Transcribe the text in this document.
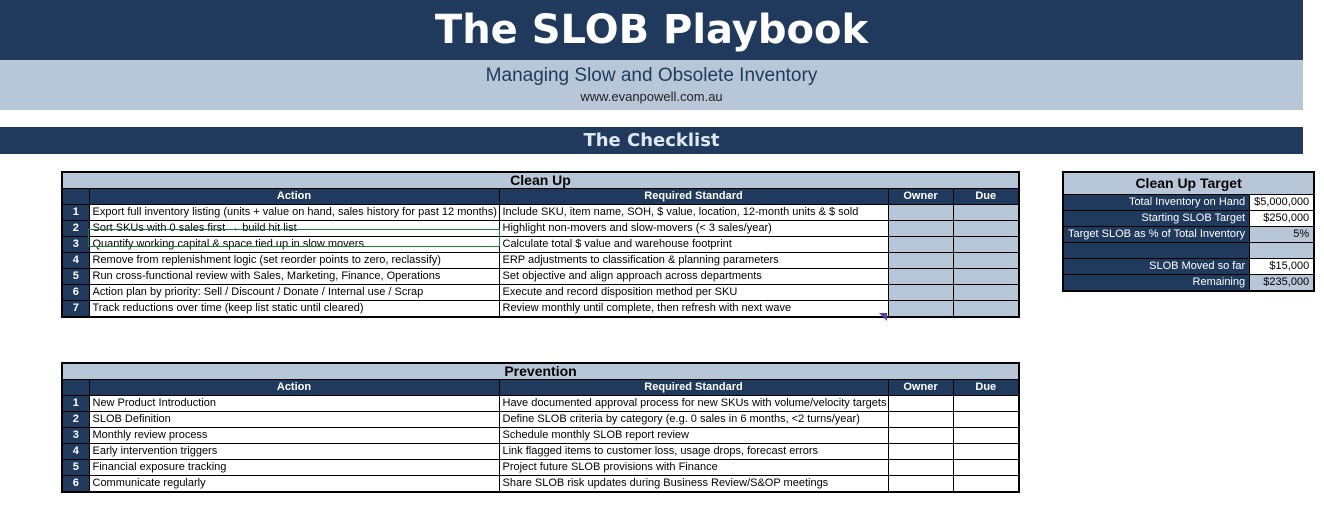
The SLOB Playbook
Managing Slow and Obsolete Inventory
www.evanpowell.com.au
The Checklist
Clean Up				
	Action	Required Standard	Owner	Due
1	Export full inventory listing (units + value on hand, sales history for past 12 months)	Include SKU, item name, SOH, $ value, location, 12-month units & $ sold		
2	Sort SKUs with 0 sales first → build hit list	Highlight non-movers and slow-movers (< 3 sales/year)		
3	Quantify working capital & space tied up in slow movers	Calculate total $ value and warehouse footprint		
4	Remove from replenishment logic (set reorder points to zero, reclassify)	ERP adjustments to classification & planning parameters		
5	Run cross-functional review with Sales, Marketing, Finance, Operations	Set objective and align approach across departments		
6	Action plan by priority: Sell / Discount / Donate / Internal use / Scrap	Execute and record disposition method per SKU		
7	Track reductions over time (keep list static until cleared)	Review monthly until complete, then refresh with next wave		
Prevention				
	Action	Required Standard	Owner	Due
1	New Product Introduction	Have documented approval process for new SKUs with volume/velocity targets		
2	SLOB Definition	Define SLOB criteria by category (e.g. 0 sales in 6 months, <2 turns/year)		
3	Monthly review process	Schedule monthly SLOB report review		
4	Early intervention triggers	Link flagged items to customer loss, usage drops, forecast errors		
5	Financial exposure tracking	Project future SLOB provisions with Finance		
6	Communicate regularly	Share SLOB risk updates during Business Review/S&OP meetings		
Clean Up Target	
Total Inventory on Hand	$5,000,000
Starting SLOB Target	$250,000
Target SLOB as % of Total Inventory	5%

SLOB Moved so far	$15,000
Remaining	$235,000
